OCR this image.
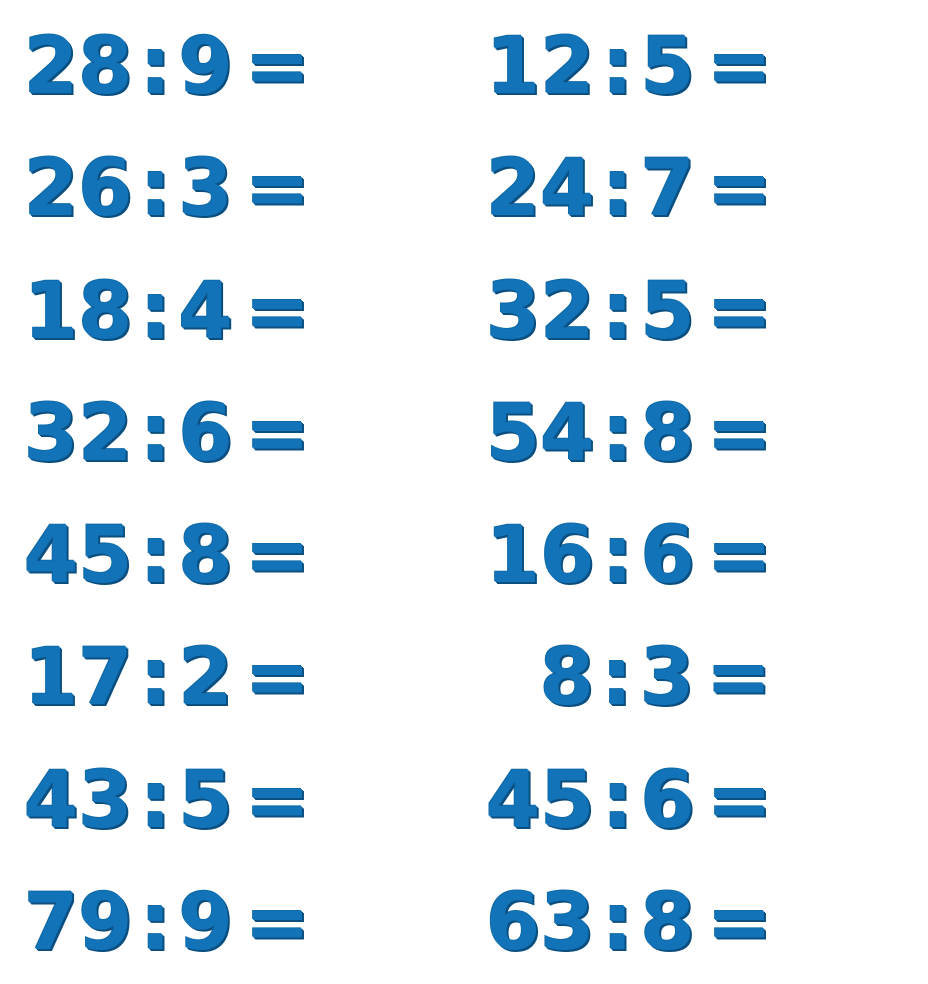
28 : 9 = 12 : 5 =
26 : 3 = 24 : 7 =
18 : 4 = 32 : 5 =
32 : 6 = 54 : 8 =
45 : 8 = 16 : 6 =
17 : 2 =	8 : 3 =
43 : 5 = 45 : 6 =
79 : 9 = 63 : 8 =
